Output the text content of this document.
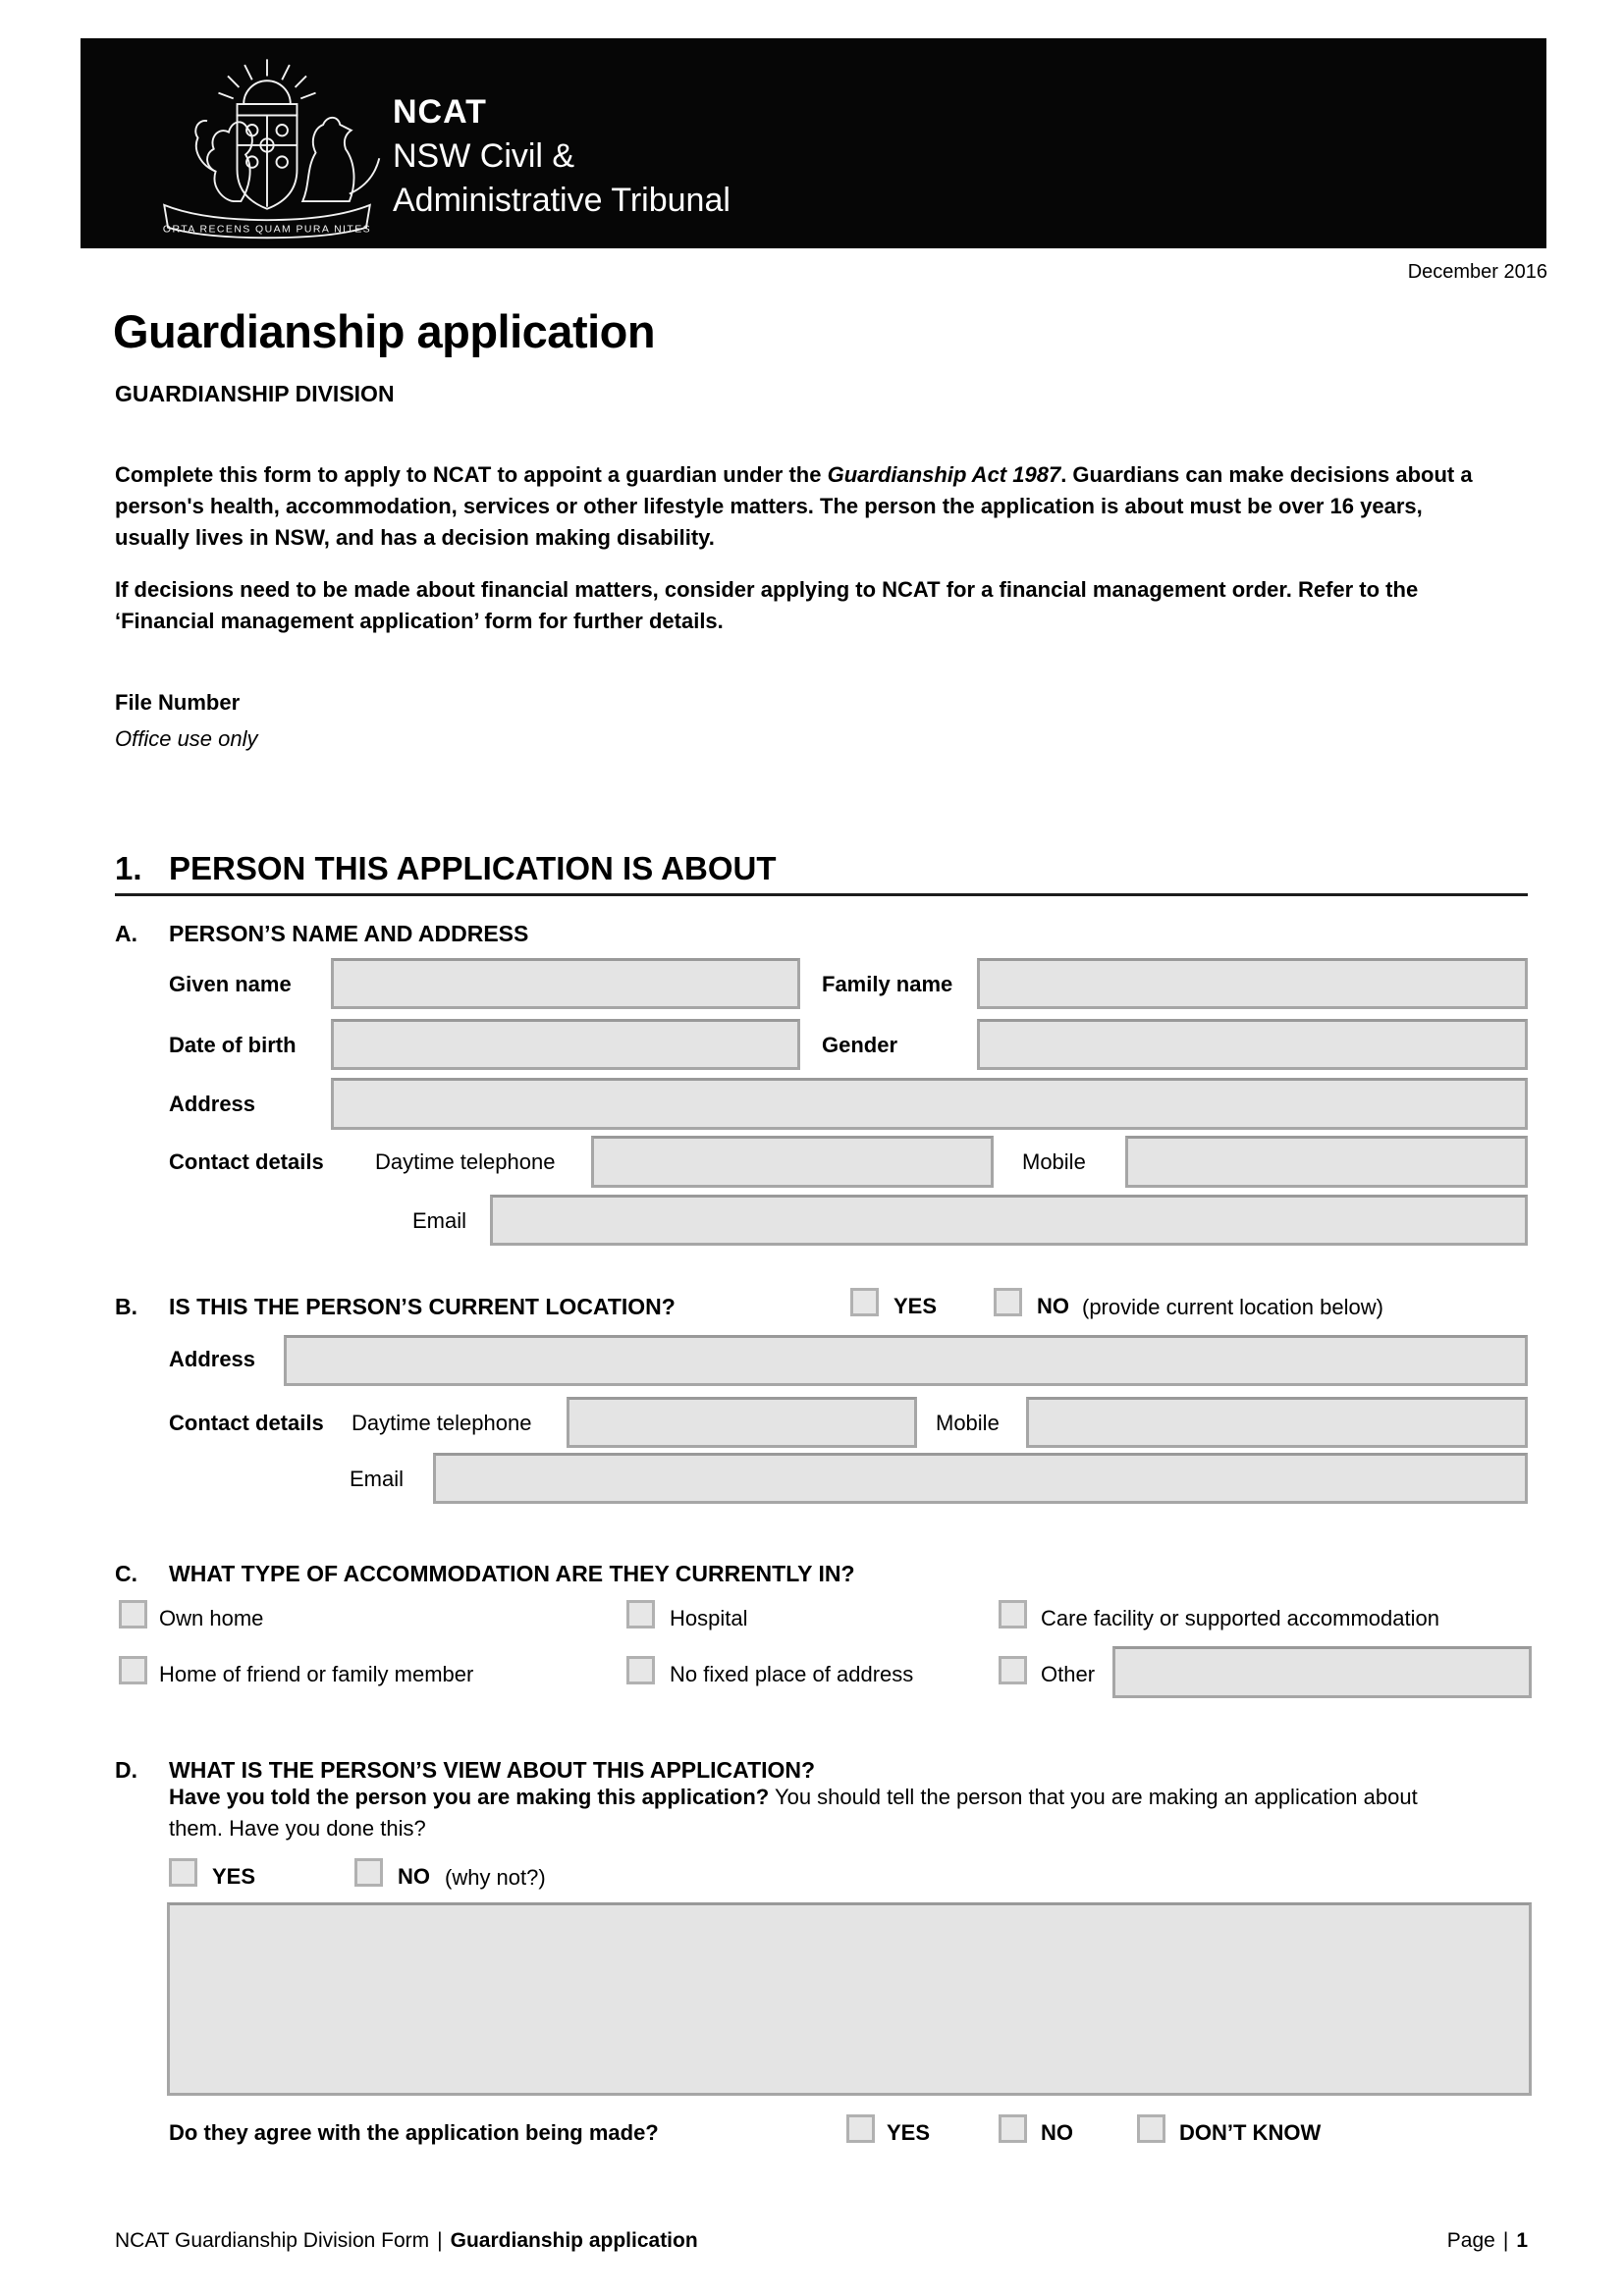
ORTA RECENS QUAM PURA NITES
NCAT
NSW Civil &
Administrative Tribunal
December 2016
Guardianship application
GUARDIANSHIP DIVISION

Complete this form to apply to NCAT to appoint a guardian under the Guardianship Act 1987. Guardians can make decisions about a person's health, accommodation, services or other lifestyle matters. The person the application is about must be over 16 years, usually lives in NSW, and has a decision making disability.

If decisions need to be made about financial matters, consider applying to NCAT for a financial management order. Refer to the ‘Financial management application’ form for further details.

File Number
Office use only
1. PERSON THIS APPLICATION IS ABOUT
A. PERSON’S NAME AND ADDRESS
Given name	Family name
Date of birth	Gender
Address
Contact details Daytime telephone	Mobile
Email
B. IS THIS THE PERSON’S CURRENT LOCATION?	YES	NO (provide current location below)
Address
Contact details Daytime telephone	Mobile
Email
C. WHAT TYPE OF ACCOMMODATION ARE THEY CURRENTLY IN?
Own home	Hospital	Care facility or supported accommodation
Home of friend or family member	No fixed place of address	Other
D. WHAT IS THE PERSON’S VIEW ABOUT THIS APPLICATION?

Have you told the person you are making this application? You should tell the person that you are making an application about them. Have you done this?

YES	NO (why not?)
Do they agree with the application being made?	YES	NO	DON’T KNOW
NCAT Guardianship Division Form | Guardianship application	Page | 1
